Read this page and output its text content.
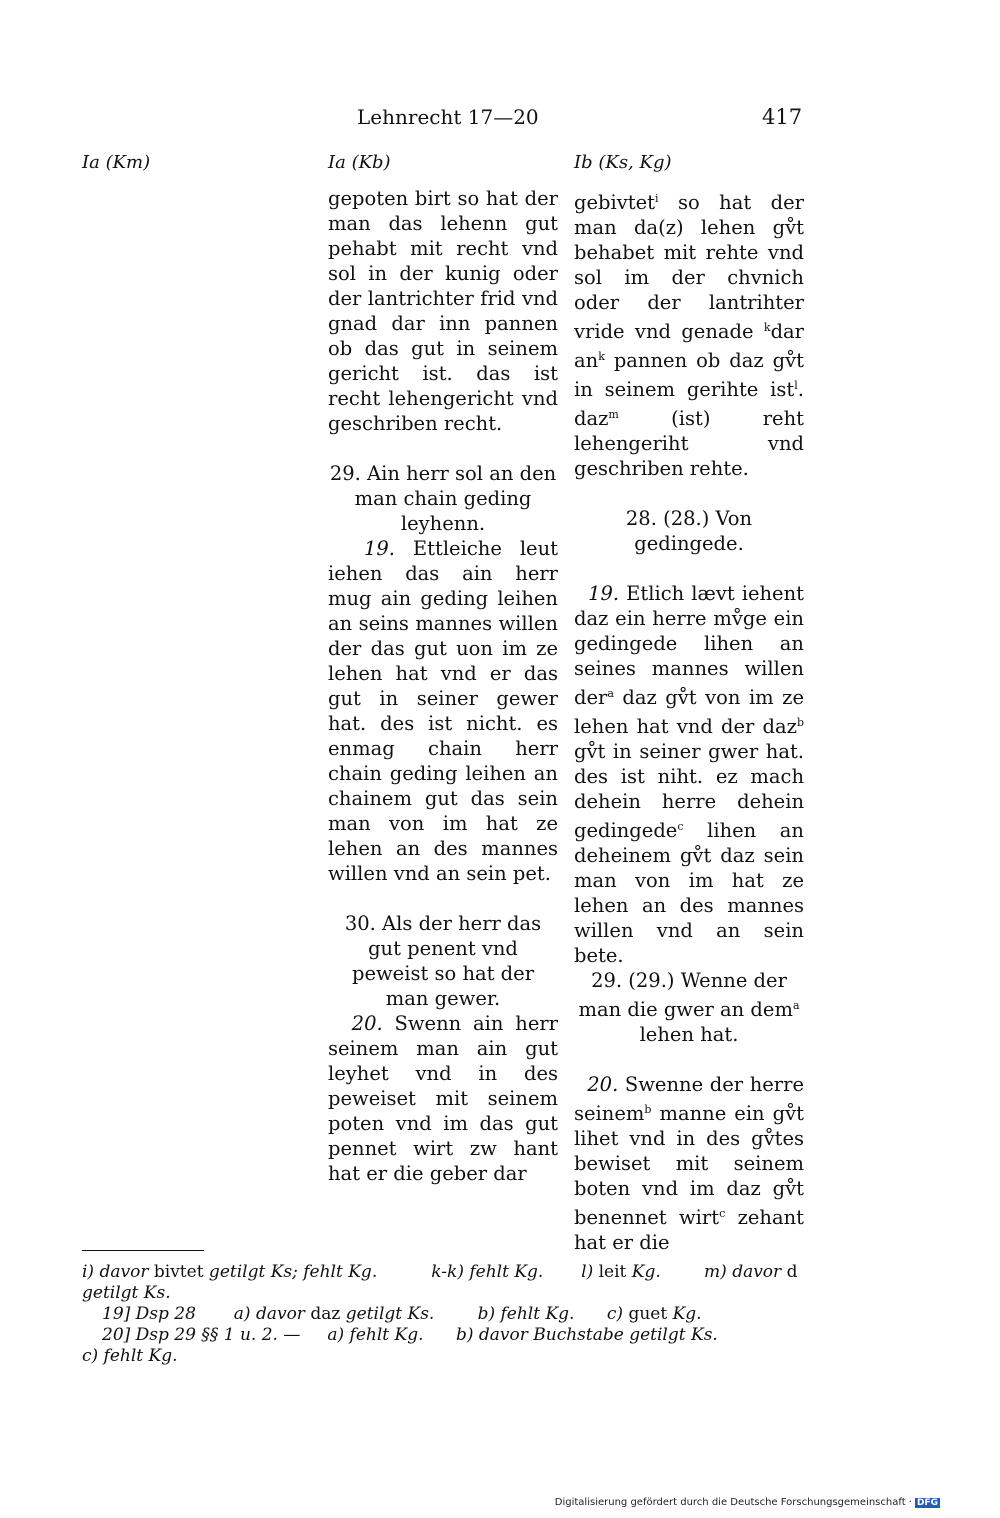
Lehnrecht 17—20	417
Ia (Km)	Ia (Kb)	Ib (Ks, Kg)

gepoten birt so hat der man das lehenn gut pehabt mit recht vnd sol in der kunig oder der lantrichter frid vnd gnad dar inn pannen ob das gut in seinem gericht ist. das ist recht lehengericht vnd geschriben recht.

29. Ain herr sol an den man chain geding leyhenn.

19. Ettleiche leut iehen das ain herr mug ain geding leihen an seins mannes willen der das gut uon im ze lehen hat vnd er das gut in seiner gewer hat. des ist nicht. es enmag chain herr chain geding leihen an chainem gut das sein man von im hat ze lehen an des mannes willen vnd an sein pet.

30. Als der herr das gut penent vnd peweist so hat der man gewer.

20. Swenn ain herr seinem man ain gut leyhet vnd in des peweiset mit seinem poten vnd im das gut pennet wirt zw hant hat er die geber dar

gebivtet$^i$ so hat der man da(z) lehen gv̊t behabet mit rehte vnd sol im der chvnich oder der lantrihter vride vnd genade $^k$dar $an^k$ pannen ob daz gv̊t in seinem gerihte ist$^l$. daz$^m$ (ist) reht lehengeriht vnd geschriben rehte.

28. (28.) Von gedingede.

19. Etlich lævt iehent daz ein herre mv̊ge ein gedingede lihen an seines mannes willen der$^a$ daz gv̊t von im ze lehen hat vnd der daz$^b$ gv̊t in seiner gwer hat. des ist niht. ez mach dehein herre dehein gedingede$^c$ lihen an deheinem gv̊t daz sein man von im hat ze lehen an des mannes willen vnd an sein bete.

29. (29.) Wenne der man die gwer an dem$^a$ lehen hat.

20. Swenne der herre seinem$^b$ manne ein gv̊t lihet vnd in des gv̊tes bewiset mit seinem boten vnd im daz gv̊t benennet wirt$^c$ zehant hat er die

i) davor bivtet getilgt Ks; fehlt Kg.	k-k) fehlt Kg. l) leit Kg.	m) davor d getilgt Ks.

19] Dsp 28 a) davor daz getilgt Ks.	b) fehlt Kg. c) guet Kg.

20] Dsp 29 §§ 1 u. 2. — a) fehlt Kg. b) davor Buchstabe getilgt Ks.

c) fehlt Kg.

Digitalisierung gefördert durch die Deutsche Forschungsgemeinschaft · DFG
